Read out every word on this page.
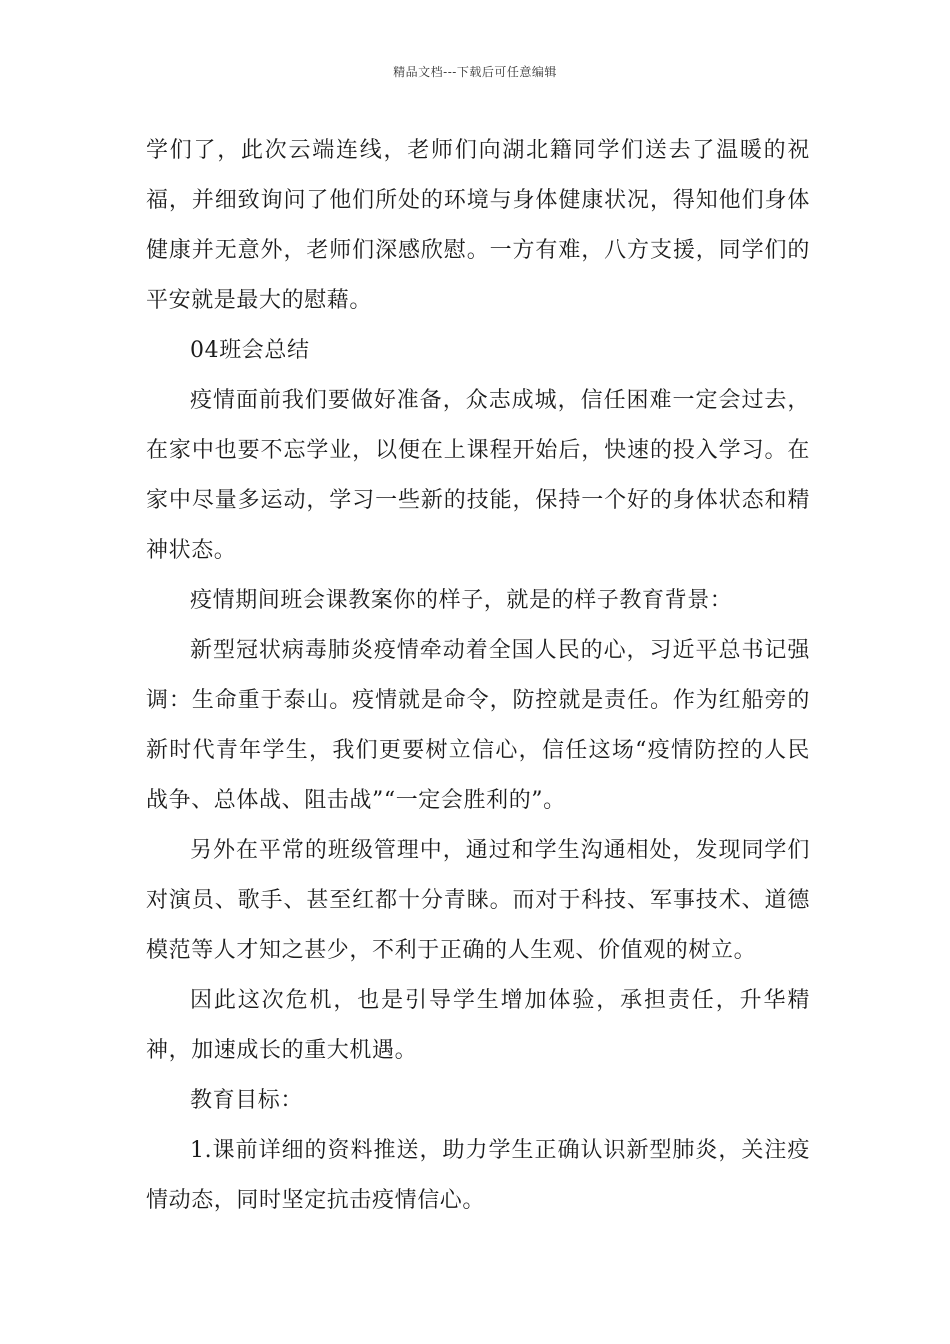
精品文档---下载后可任意编辑

学们了，此次云端连线，老师们向湖北籍同学们送去了温暖的祝福，并细致询问了他们所处的环境与身体健康状况，得知他们身体健康并无意外，老师们深感欣慰。一方有难，八方支援，同学们的平安就是最大的慰藉。

04班会总结

疫情面前我们要做好准备，众志成城，信任困难一定会过去，在家中也要不忘学业，以便在上课程开始后，快速的投入学习。在家中尽量多运动，学习一些新的技能，保持一个好的身体状态和精神状态。

疫情期间班会课教案你的样子，就是的样子教育背景：

新型冠状病毒肺炎疫情牵动着全国人民的心，习近平总书记强调：生命重于泰山。疫情就是命令，防控就是责任。作为红船旁的新时代青年学生，我们更要树立信心，信任这场“疫情防控的人民战争、总体战、阻击战”“一定会胜利的”。

另外在平常的班级管理中，通过和学生沟通相处，发现同学们对演员、歌手、甚至红都十分青睐。而对于科技、军事技术、道德模范等人才知之甚少，不利于正确的人生观、价值观的树立。

因此这次危机，也是引导学生增加体验，承担责任，升华精神，加速成长的重大机遇。

教育目标：

1.课前详细的资料推送，助力学生正确认识新型肺炎，关注疫情动态，同时坚定抗击疫情信心。
